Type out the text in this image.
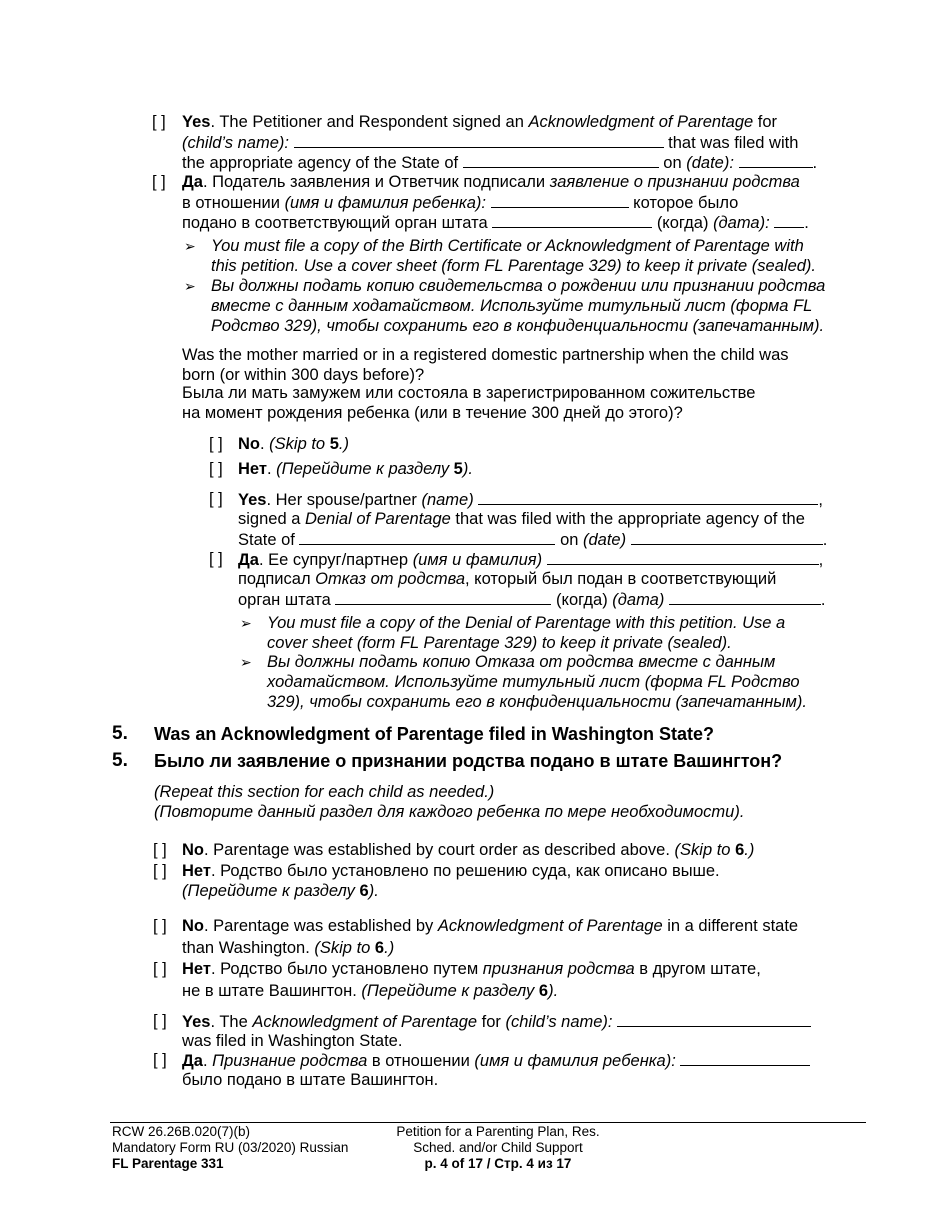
[ ] Yes. The Petitioner and Respondent signed an Acknowledgment of Parentage for
(child’s name):	that was filed with
the appropriate agency of the State of	on (date):	.
[ ] Да. Податель заявления и Ответчик подписали заявление о признании родства
в отношении (имя и фамилия ребенка):	которое было
подано в соответствующий орган штата	(когда) (дата): .
➢ You must file a copy of the Birth Certificate or Acknowledgment of Parentage with
this petition. Use a cover sheet (form FL Parentage 329) to keep it private (sealed).
➢ Вы должны подать копию свидетельства о рождении или признании родства
вместе с данным ходатайством. Используйте титульный лист (форма FL
Родство 329), чтобы сохранить его в конфиденциальности (запечатанным).
Was the mother married or in a registered domestic partnership when the child was
born (or within 300 days before)?
Была ли мать замужем или состояла в зарегистрированном сожительстве
на момент рождения ребенка (или в течение 300 дней до этого)?
[ ] No. (Skip to 5.)
[ ] Нет. (Перейдите к разделу 5).
[ ] Yes. Her spouse/partner (name)	,
signed a Denial of Parentage that was filed with the appropriate agency of the
State of	on (date)	.
[ ] Да. Ее супруг/партнер (имя и фамилия)	,
подписал Отказ от родства, который был подан в соответствующий
орган штата	(когда) (дата)	.
➢ You must file a copy of the Denial of Parentage with this petition. Use a
cover sheet (form FL Parentage 329) to keep it private (sealed).
➢ Вы должны подать копию Отказа от родства вместе с данным
ходатайством. Используйте титульный лист (форма FL Родство
329), чтобы сохранить его в конфиденциальности (запечатанным).
5. Was an Acknowledgment of Parentage filed in Washington State?
5. Было ли заявление о признании родства подано в штате Вашингтон?
(Repeat this section for each child as needed.)
(Повторите данный раздел для каждого ребенка по мере необходимости).
[ ] No. Parentage was established by court order as described above. (Skip to 6.)
[ ] Нет. Родство было установлено по решению суда, как описано выше.
(Перейдите к разделу 6).
[ ] No. Parentage was established by Acknowledgment of Parentage in a different state
than Washington. (Skip to 6.)
[ ] Нет. Родство было установлено путем признания родства в другом штате,
не в штате Вашингтон. (Перейдите к разделу 6).
[ ] Yes. The Acknowledgment of Parentage for (child’s name):
was filed in Washington State.
[ ] Да. Признание родства в отношении (имя и фамилия ребенка):
было подано в штате Вашингтон.
RCW 26.26B.020(7)(b)
Mandatory Form RU (03/2020) Russian
FL Parentage 331
Petition for a Parenting Plan, Res.
Sched. and/or Child Support
p. 4 of 17 / Стр. 4 из 17
